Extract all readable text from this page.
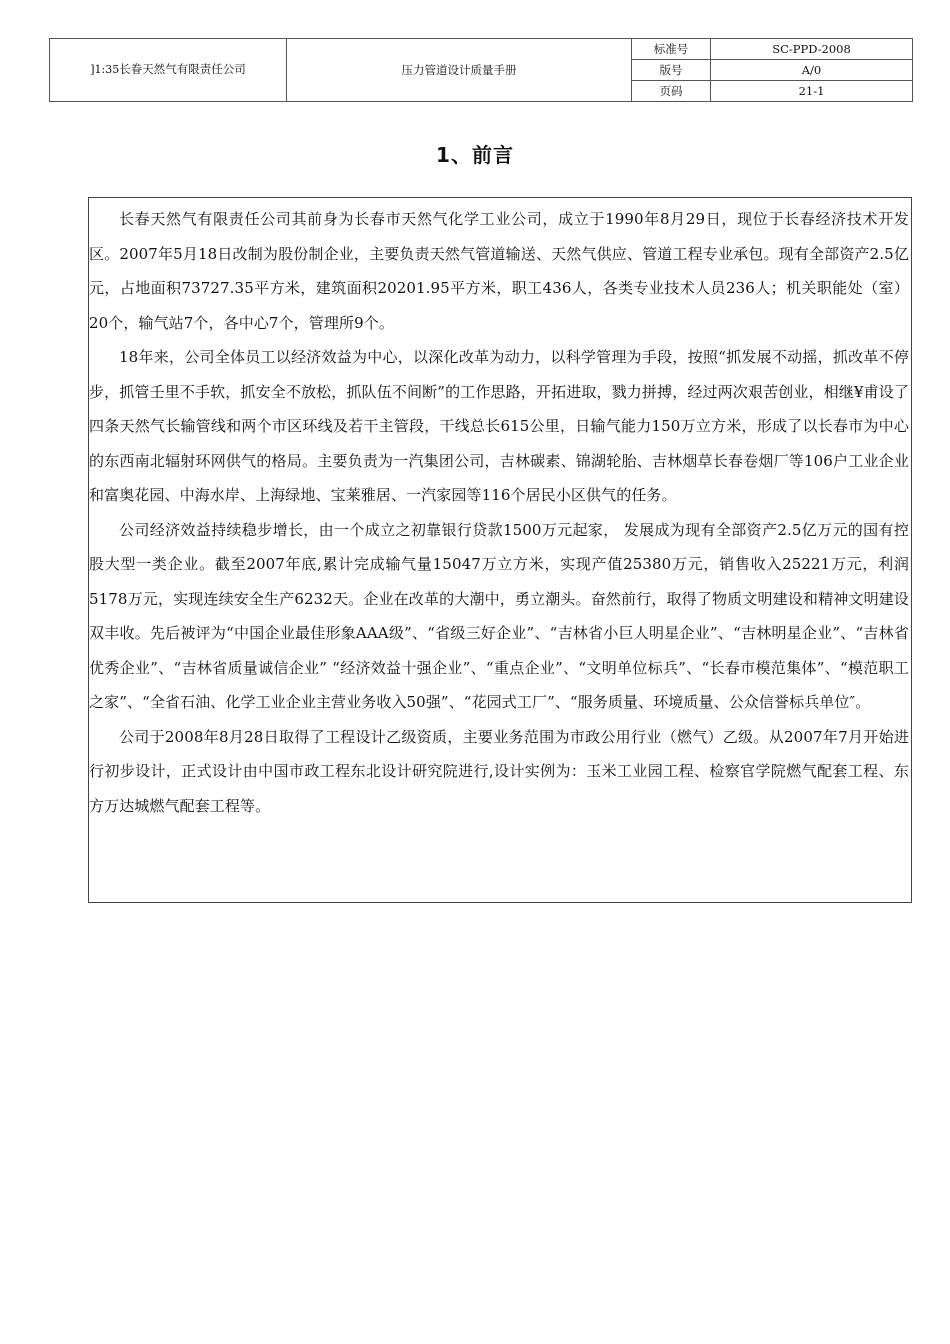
]1:35长眷天然气有限责任公司	压力管道设计质量手册	标准号	SC-PPD-2008
		版号	A/0
		页码	21-1
1、前言

长春天然气有限责任公司其前身为长春市天然气化学工业公司，成立于1990年8月29日，现位于长春经济技术开发区。2007年5月18日改制为股份制企业，主要负责天然气管道输送、天然气供应、管道工程专业承包。现有全部资产2.5亿元，占地面积73727.35平方米，建筑面积20201.95平方米，职工436人，各类专业技术人员236人；机关职能处（室）20个，输气站7个，各中心7个，管理所9个。

18年来，公司全体员工以经济效益为中心，以深化改革为动力，以科学管理为手段，按照“抓发展不动摇，抓改革不停步，抓管壬里不手软，抓安全不放松，抓队伍不间断”的工作思路，开拓进取，戮力拼搏，经过两次艰苦创业，相继¥甫设了四条天然气长输管线和两个市区环线及若干主管段，干线总长615公里，日输气能力150万立方米，形成了以长春市为中心的东西南北辐射环网供气的格局。主要负责为一汽集团公司，吉林碳素、锦湖轮胎、吉林烟草长春卷烟厂等106户工业企业和富奥花园、中海水岸、上海绿地、宝莱雅居、一汽家园等116个居民小区供气的任务。

公司经济效益持续稳步增长，由一个成立之初靠银行贷款1500万元起家， 发展成为现有全部资产2.5亿万元的国有控股大型一类企业。截至2007年底,累计完成输气量15047万立方米，实现产值25380万元，销售收入25221万元，利润5178万元，实现连续安全生产6232天。企业在改革的大潮中，勇立潮头。奋然前行，取得了物质文明建设和精神文明建设双丰收。先后被评为“中国企业最佳形象AAA级”、“省级三好企业”、“吉林省小巨人明星企业”、“吉林明星企业”、“吉林省优秀企业”、“吉林省质量诚信企业” “经济效益十强企业”、“重点企业”、“文明单位标兵”、“长春市模范集体”、“模范职工之家”、“全省石油、化学工业企业主营业务收入50强”、“花园式工厂”、“服务质量、环境质量、公众信誉标兵单位″。

公司于2008年8月28日取得了工程设计乙级资质，主要业务范围为市政公用行业（燃气）乙级。从2007年7月开始进行初步设计，正式设计由中国市政工程东北设计研究院进行,设计实例为：玉米工业园工程、检察官学院燃气配套工程、东方万达城燃气配套工程等。
